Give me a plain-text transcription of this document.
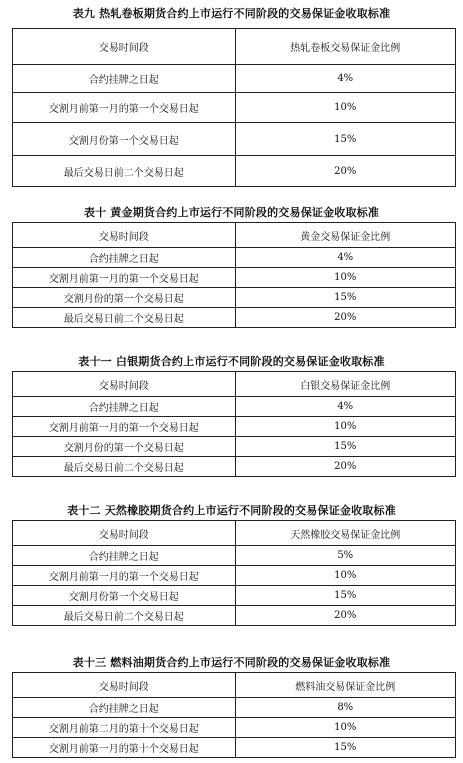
表九 热轧卷板期货合约上市运行不同阶段的交易保证金收取标准
交易时间段	热轧卷板交易保证金比例
合约挂牌之日起	4%
交割月前第一月的第一个交易日起	10%
交割月份第一个交易日起	15%
最后交易日前二个交易日起	20%
表十 黄金期货合约上市运行不同阶段的交易保证金收取标准
交易时间段	黄金交易保证金比例
合约挂牌之日起	4%
交割月前第一月的第一个交易日起	10%
交割月份的第一个交易日起	15%
最后交易日前二个交易日起	20%
表十一 白银期货合约上市运行不同阶段的交易保证金收取标准
交易时间段	白银交易保证金比例
合约挂牌之日起	4%
交割月前第一月的第一个交易日起	10%
交割月份的第一个交易日起	15%
最后交易日前二个交易日起	20%
表十二 天然橡胶期货合约上市运行不同阶段的交易保证金收取标准
交易时间段	天然橡胶交易保证金比例
合约挂牌之日起	5%
交割月前第一月的第一个交易日起	10%
交割月份第一个交易日起	15%
最后交易日前二个交易日起	20%
表十三 燃料油期货合约上市运行不同阶段的交易保证金收取标准
交易时间段	燃料油交易保证金比例
合约挂牌之日起	8%
交割月前第二月的第十个交易日起	10%
交割月前第一月的第十个交易日起	15%
